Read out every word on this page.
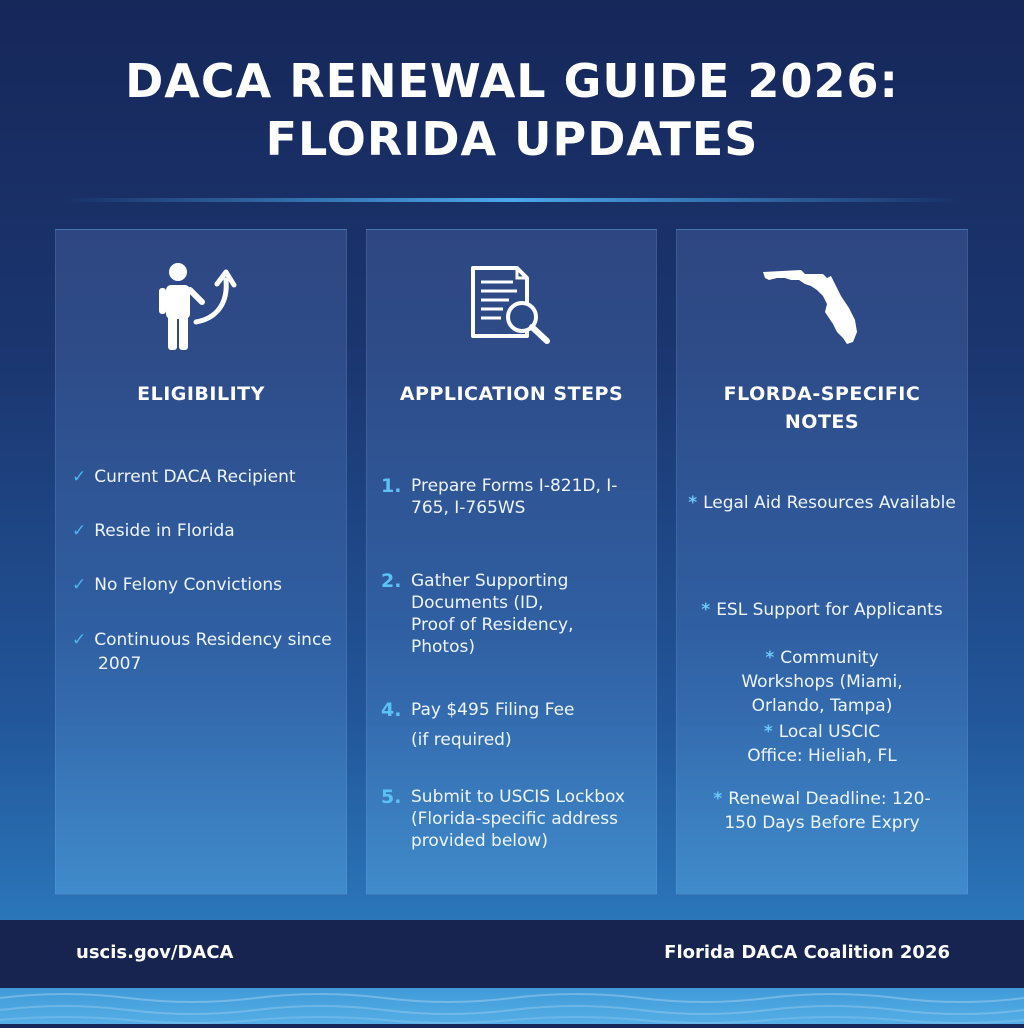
DACA RENEWAL GUIDE 2026:
FLORIDA UPDATES
ELIGIBILITY
✓ Current DACA Recipient
✓ Reside in Florida
✓ No Felony Convictions
✓ Continuous Residency since 2007
APPLICATION STEPS
1. Prepare Forms I-821D, I-765, I-765WS
2. Gather Supporting Documents (ID, Proof of Residency, Photos)
4. Pay $495 Filing Fee
(if required)
5. Submit to USCIS Lockbox (Florida-specific address provided below)
FLORDA-SPECIFIC NOTES
* Legal Aid Resources Available
* ESL Support for Applicants
* Community Workshops (Miami, Orlando, Tampa)
* Local USCIC Office: Hieliah, FL
* Renewal Deadline: 120-150 Days Before Expry
uscis.gov/DACA	Florida DACA Coalition 2026
